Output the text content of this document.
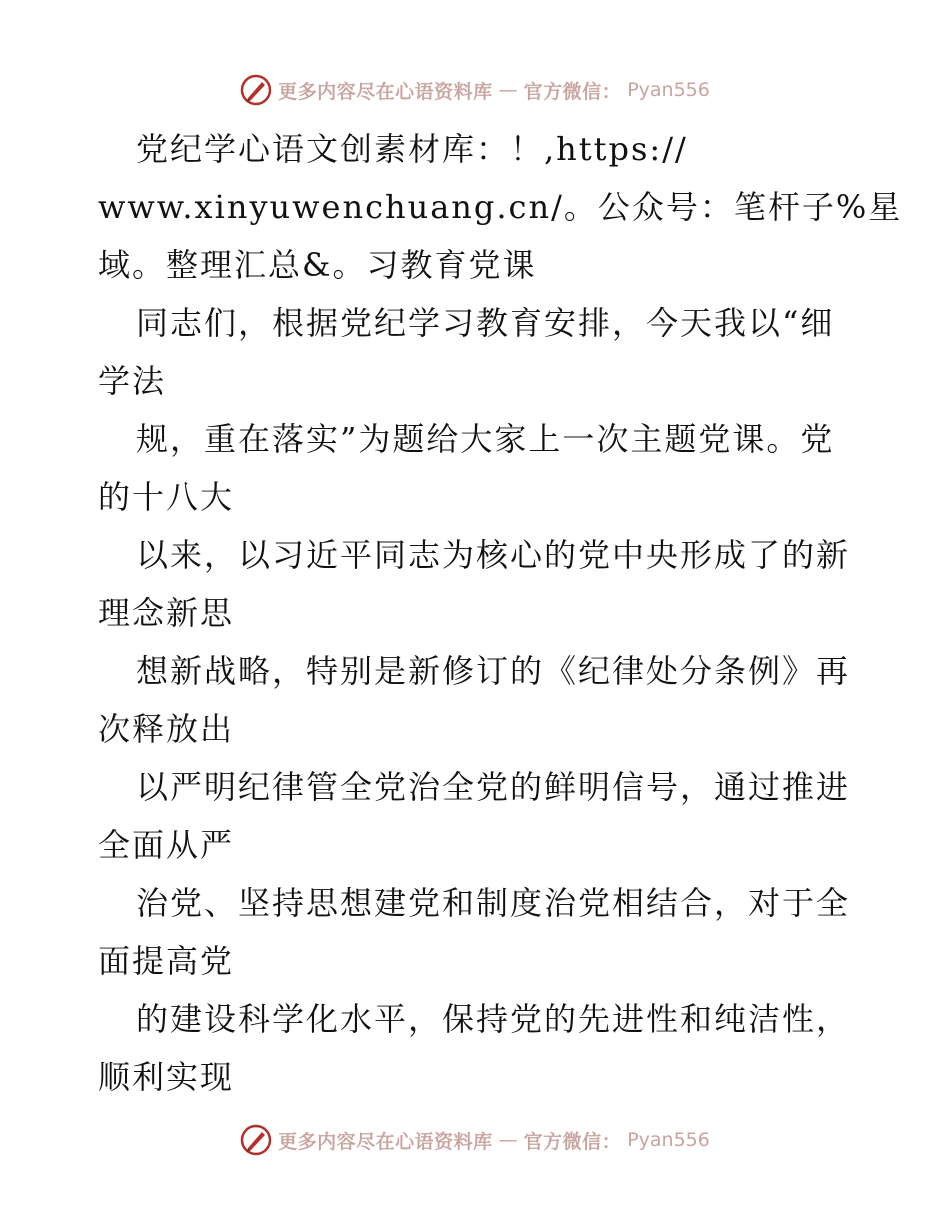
更多内容尽在心语资料库 — 官方微信： Pyan556
党纪学心语文创素材库：！,https://
www.xinyuwenchuang.cn/。公众号：笔杆子%星
域。整理汇总&。习教育党课
同志们，根据党纪学习教育安排，今天我以“细
学法
规，重在落实”为题给大家上一次主题党课。党
的十八大
以来，以习近平同志为核心的党中央形成了的新
理念新思
想新战略，特别是新修订的《纪律处分条例》再
次释放出
以严明纪律管全党治全党的鲜明信号，通过推进
全面从严
治党、坚持思想建党和制度治党相结合，对于全
面提高党
的建设科学化水平，保持党的先进性和纯洁性，
顺利实现
更多内容尽在心语资料库 — 官方微信： Pyan556
